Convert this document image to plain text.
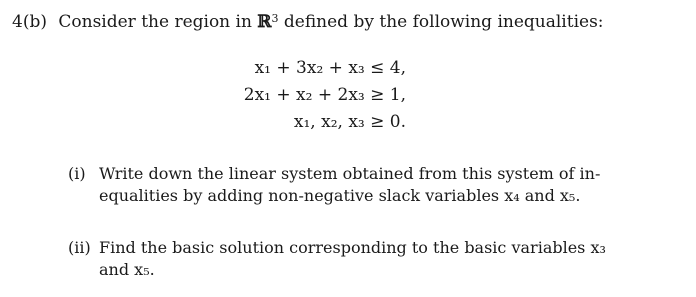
4(b) Consider the region in ℝ$^3$ defined by the following inequalities:
x₁ + 3x₂ + x₃ ≤ 4,
2x₁ + x₂ + 2x₃ ≥ 1,
x₁, x₂, x₃ ≥ 0.
(i) Write down the linear system obtained from this system of in-
equalities by adding non-negative slack variables x₄ and x₅.
(ii) Find the basic solution corresponding to the basic variables x₃
and x₅.
